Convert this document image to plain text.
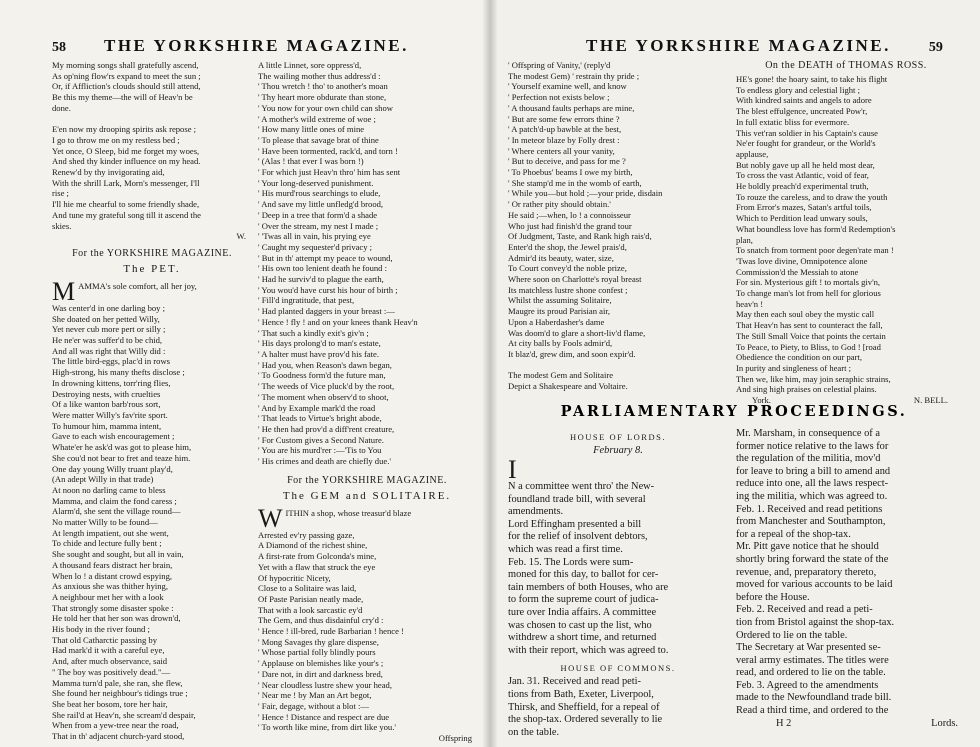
58 THE YORKSHIRE MAGAZINE.
My morning songs shall gratefully ascend,
As op'ning flow'rs expand to meet the sun ;
Or, if Affliction's clouds should still attend,
Be this my theme—the will of Heav'n be
done.

E'en now my drooping spirits ask repose ;
I go to throw me on my restless bed ;
Yet once, O Sleep, bid me forget my woes,
And shed thy kinder influence on my head.
Renew'd by thy invigorating aid,
With the shrill Lark, Morn's messenger, I'll
rise ;
I'll hie me chearful to some friendly shade,
And tune my grateful song till it ascend the
skies.
W.
For the YORKSHIRE MAGAZINE.
The PET.
MAMMA's sole comfort, all her joy,
Was center'd in one darling boy ;
She doated on her petted Willy,
Yet never cub more pert or silly ;
He ne'er was suffer'd to be chid,
And all was right that Willy did :
The little bird-eggs, plac'd in rows
High-strong, his many thefts disclose ;
In drowning kittens, torr'ring flies,
Destroying nests, with cruelties
Of a like wanton barb'rous sort,
Were matter Willy's fav'rite sport.
To humour him, mamma intent,
Gave to each wish encouragement ;
Whate'er he ask'd was got to please him,
She cou'd not bear to fret and teaze him.
One day young Willy truant play'd,
(An adept Willy in that trade)
At noon no darling came to bless
Mamma, and claim the fond caress ;
Alarm'd, she sent the village round—
No matter Willy to be found—
At length impatient, out she went,
To chide and lecture fully bent ;
She sought and sought, but all in vain,
A thousand fears distract her brain,
When lo ! a distant crowd espying,
As anxious she was thither hying,
A neighbour met her with a look
That strongly some disaster spoke :
He told her that her son was drown'd,
His body in the river found ;
That old Catharctic passing by
Had mark'd it with a careful eye,
And, after much observance, said
" The boy was positively dead."—
Mamma turn'd pale, she ran, she flew,
She found her neighbour's tidings true ;
She beat her bosom, tore her hair,
She rail'd at Heav'n, she scream'd despair,
When from a yew-tree near the road,
That in th' adjacent church-yard stood,
A little Linnet, sore oppress'd,
The wailing mother thus address'd :
' Thou wretch ! tho' to another's moan
' Thy heart more obdurate than stone,
' You now for your own child can show
' A mother's wild extreme of woe ;
' How many little ones of mine
' To please that savage brat of thine
' Have been tormented, rack'd, and torn !
' (Alas ! that ever I was born !)
' For which just Heav'n thro' him has sent
' Your long-deserved punishment.
' His murd'rous searchings to elude,
' And save my little unfledg'd brood,
' Deep in a tree that form'd a shade
' Over the stream, my nest I made ;
' 'Twas all in vain, his prying eye
' Caught my sequester'd privacy ;
' But in th' attempt my peace to wound,
' His own too lenient death he found :
' Had he surviv'd to plague the earth,
' You wou'd have curst his hour of birth ;
' Fill'd ingratitude, that pest,
' Had planted daggers in your breast :—
' Hence ! fly ! and on your knees thank Heav'n
' That such a kindly exit's giv'n ;
' His days prolong'd to man's estate,
' A halter must have prov'd his fate.
' Had you, when Reason's dawn began,
' To Goodness form'd the future man,
' The weeds of Vice pluck'd by the root,
' The moment when observ'd to shoot,
' And by Example mark'd the road
' That leads to Virtue's bright abode,
' He then had prov'd a diff'rent creature,
' For Custom gives a Second Nature.
' You are his murd'rer :—'Tis to You
' His crimes and death are chiefly due.'
For the YORKSHIRE MAGAZINE.
The GEM and SOLITAIRE.
WITHIN a shop, whose treasur'd blaze
Arrested ev'ry passing gaze,
A Diamond of the richest shine,
A first-rate from Golconda's mine,
Yet with a flaw that struck the eye
Of hypocritic Nicety,
Close to a Solitaire was laid,
Of Paste Parisian neatly made,
That with a look sarcastic ey'd
The Gem, and thus disdainful cry'd :
' Hence ! ill-bred, rude Barbarian ! hence !
' Mong Savages thy glare dispense,
' Whose partial folly blindly pours
' Applause on blemishes like your's ;
' Dare not, in dirt and darkness bred,
' Near cloudless lustre shew your head,
' Near me ! by Man an Art begot,
' Fair, degage, without a blot :—
' Hence ! Distance and respect are due
' To worth like mine, from dirt like you.'
Offspring
THE YORKSHIRE MAGAZINE.	59
' Offspring of Vanity,' (reply'd
The modest Gem) ' restrain thy pride ;
' Yourself examine well, and know
' Perfection not exists below ;
' A thousand faults perhaps are mine,
' But are some few errors thine ?
' A patch'd-up bawble at the best,
' In meteor blaze by Folly drest :
' Where centers all your vanity,
' But to deceive, and pass for me ?
' To Phoebus' beams I owe my birth,
' She stamp'd me in the womb of earth,
' While you—but hold ;—your pride, disdain
' Or rather pity should obtain.'
He said ;—when, lo ! a connoisseur
Who just had finish'd the grand tour
Of Judgment, Taste, and Rank high rais'd,
Enter'd the shop, the Jewel prais'd,
Admir'd its beauty, water, size,
To Court convey'd the noble prize,
Where soon on Charlotte's royal breast
Its matchless lustre shone confest ;
Whilst the assuming Solitaire,
Maugre its proud Parisian air,
Upon a Haberdasher's dame
Was doom'd to glare a short-liv'd flame,
At city balls by Fools admir'd,
It blaz'd, grew dim, and soon expir'd.

The modest Gem and Solitaire
Depict a Shakespeare and Voltaire.
On the DEATH of THOMAS ROSS.
HE's gone! the hoary saint, to take his flight
To endless glory and celestial light ;
With kindred saints and angels to adore
The blest effulgence, uncreated Pow'r,
In full extatic bliss for evermore.
This vet'ran soldier in his Captain's cause
Ne'er fought for grandeur, or the World's
applause,
But nobly gave up all he held most dear,
To cross the vast Atlantic, void of fear,
He boldly preach'd experimental truth,
To rouze the careless, and to draw the youth
From Error's mazes, Satan's artful toils,
Which to Perdition lead unwary souls,
What boundless love has form'd Redemption's
plan,
To snatch from torment poor degen'rate man !
'Twas love divine, Omnipotence alone
Commission'd the Messiah to atone
For sin. Mysterious gift ! to mortals giv'n,
To change man's lot from hell for glorious
heav'n !
May then each soul obey the mystic call
That Heav'n has sent to counteract the fall,
The Still Small Voice that points the certain
To Peace, to Piety, to Bliss, to God ! [road
Obedience the condition on our part,
In purity and singleness of heart ;
Then we, like him, may join seraphic strains,
And sing high praises on celestial plains.
York.	N. BELL.
PARLIAMENTARY PROCEEDINGS.
HOUSE OF LORDS.
February 8.
I
N a committee went thro' the New-
foundland trade bill, with several
amendments.
Lord Effingham presented a bill
for the relief of insolvent debtors,
which was read a first time.
Feb. 15. The Lords were sum-
moned for this day, to ballot for cer-
tain members of both Houses, who are
to form the supreme court of judica-
ture over India affairs. A committee
was chosen to cast up the list, who
withdrew a short time, and returned
with their report, which was agreed to.
HOUSE OF COMMONS.
Jan. 31. Received and read peti-
tions from Bath, Exeter, Liverpool,
Thirsk, and Sheffield, for a repeal of
the shop-tax. Ordered severally to lie
on the table.
Mr. Marsham, in consequence of a
former notice relative to the laws for
the regulation of the militia, mov'd
for leave to bring a bill to amend and
reduce into one, all the laws respect-
ing the militia, which was agreed to.
Feb. 1. Received and read petitions
from Manchester and Southampton,
for a repeal of the shop-tax.
Mr. Pitt gave notice that he should
shortly bring forward the state of the
revenue, and, preparatory thereto,
moved for various accounts to be laid
before the House.
Feb. 2. Received and read a peti-
tion from Bristol against the shop-tax.
Ordered to lie on the table.
The Secretary at War presented se-
veral army estimates. The titles were
read, and ordered to lie on the table.
Feb. 3. Agreed to the amendments
made to the Newfoundland trade bill.
Read a third time, and ordered to the
H 2	Lords.
